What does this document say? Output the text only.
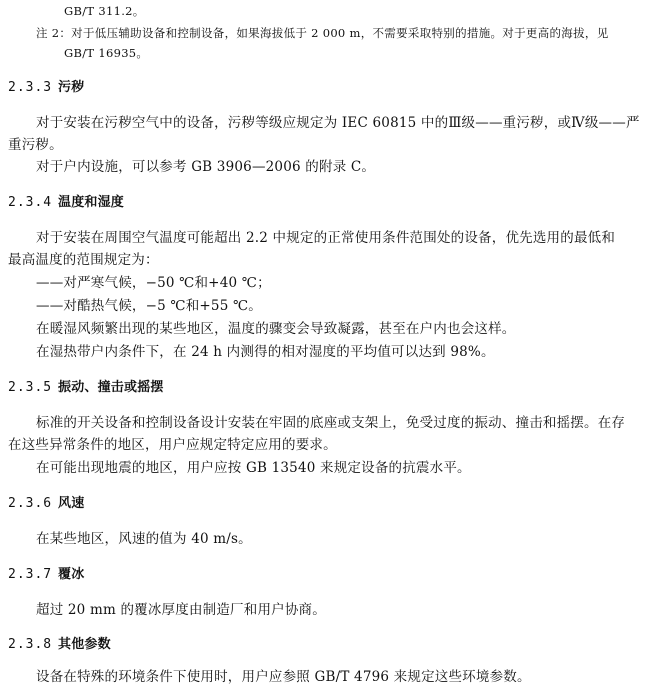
GB/T 311.2。
注 2：对于低压辅助设备和控制设备，如果海拔低于 2 000 m，不需要采取特别的措施。对于更高的海拔，见
GB/T 16935。
2.3.3 污秽
对于安装在污秽空气中的设备，污秽等级应规定为 IEC 60815 中的Ⅲ级——重污秽，或Ⅳ级——严
重污秽。
对于户内设施，可以参考 GB 3906—2006 的附录 C。
2.3.4 温度和湿度
对于安装在周围空气温度可能超出 2.2 中规定的正常使用条件范围处的设备，优先选用的最低和
最高温度的范围规定为：
——对严寒气候，−50 ℃和+40 ℃；
——对酷热气候，−5 ℃和+55 ℃。
在暖湿风频繁出现的某些地区，温度的骤变会导致凝露，甚至在户内也会这样。
在湿热带户内条件下，在 24 h 内测得的相对湿度的平均值可以达到 98%。
2.3.5 振动、撞击或摇摆
标准的开关设备和控制设备设计安装在牢固的底座或支架上，免受过度的振动、撞击和摇摆。在存
在这些异常条件的地区，用户应规定特定应用的要求。
在可能出现地震的地区，用户应按 GB 13540 来规定设备的抗震水平。
2.3.6 风速
在某些地区，风速的值为 40 m/s。
2.3.7 覆冰
超过 20 mm 的覆冰厚度由制造厂和用户协商。
2.3.8 其他参数
设备在特殊的环境条件下使用时，用户应参照 GB/T 4796 来规定这些环境参数。
